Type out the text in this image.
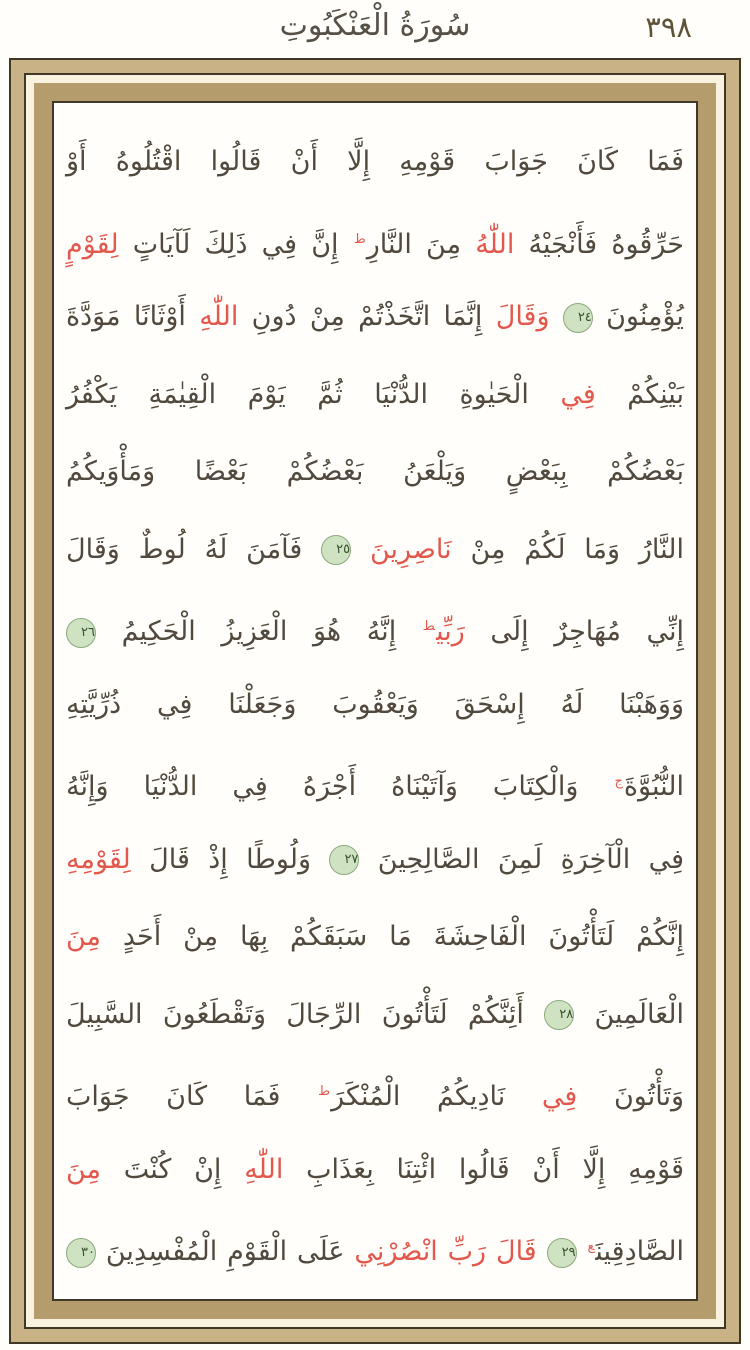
٣٩٨
سُورَةُ الْعَنْكَبُوتِ
فَمَا كَانَ جَوَابَ قَوْمِهِ إِلَّا أَنْ قَالُوا اقْتُلُوهُ أَوْ
حَرِّقُوهُ فَأَنْجَيْهُ اللّٰهُ مِنَ النَّارِ$^ط$ إِنَّ فِي ذَلِكَ لَآيَاتٍ لِقَوْمٍ
يُؤْمِنُونَ ٢٤ وَقَالَ إِنَّمَا اتَّخَذْتُمْ مِنْ دُونِ اللّٰهِ أَوْثَانًا مَوَدَّةَ
بَيْنِكُمْ فِي الْحَيٰوةِ الدُّنْيَا ثُمَّ يَوْمَ الْقِيٰمَةِ يَكْفُرُ
بَعْضُكُمْ بِبَعْضٍ وَيَلْعَنُ بَعْضُكُمْ بَعْضًا وَمَأْوَيكُمُ
النَّارُ وَمَا لَكُمْ مِنْ نَاصِرِينَ ٢٥ فَآمَنَ لَهُ لُوطٌ وَقَالَ
إِنِّي مُهَاجِرٌ إِلَى رَبِّي$^ط$ إِنَّهُ هُوَ الْعَزِيزُ الْحَكِيمُ ٢٦
وَوَهَبْنَا لَهُ إِسْحَقَ وَيَعْقُوبَ وَجَعَلْنَا فِي ذُرِّيَّتِهِ
النُّبُوَّةَ$^ج$ وَالْكِتَابَ وَآتَيْنَاهُ أَجْرَهُ فِي الدُّنْيَا وَإِنَّهُ
فِي الْآخِرَةِ لَمِنَ الصَّالِحِينَ ٢٧ وَلُوطًا إِذْ قَالَ لِقَوْمِهِ
إِنَّكُمْ لَتَأْتُونَ الْفَاحِشَةَ مَا سَبَقَكُمْ بِهَا مِنْ أَحَدٍ مِنَ
الْعَالَمِينَ ٢٨ أَئِنَّكُمْ لَتَأْتُونَ الرِّجَالَ وَتَقْطَعُونَ السَّبِيلَ
وَتَأْتُونَ فِي نَادِيكُمُ الْمُنْكَرَ$^ط$ فَمَا كَانَ جَوَابَ
قَوْمِهِ إِلَّا أَنْ قَالُوا ائْتِنَا بِعَذَابِ اللّٰهِ إِنْ كُنْتَ مِنَ
الصَّادِقِينَ$^ع$ ٢٩ قَالَ رَبِّ انْصُرْنِي عَلَى الْقَوْمِ الْمُفْسِدِينَ ٣٠
